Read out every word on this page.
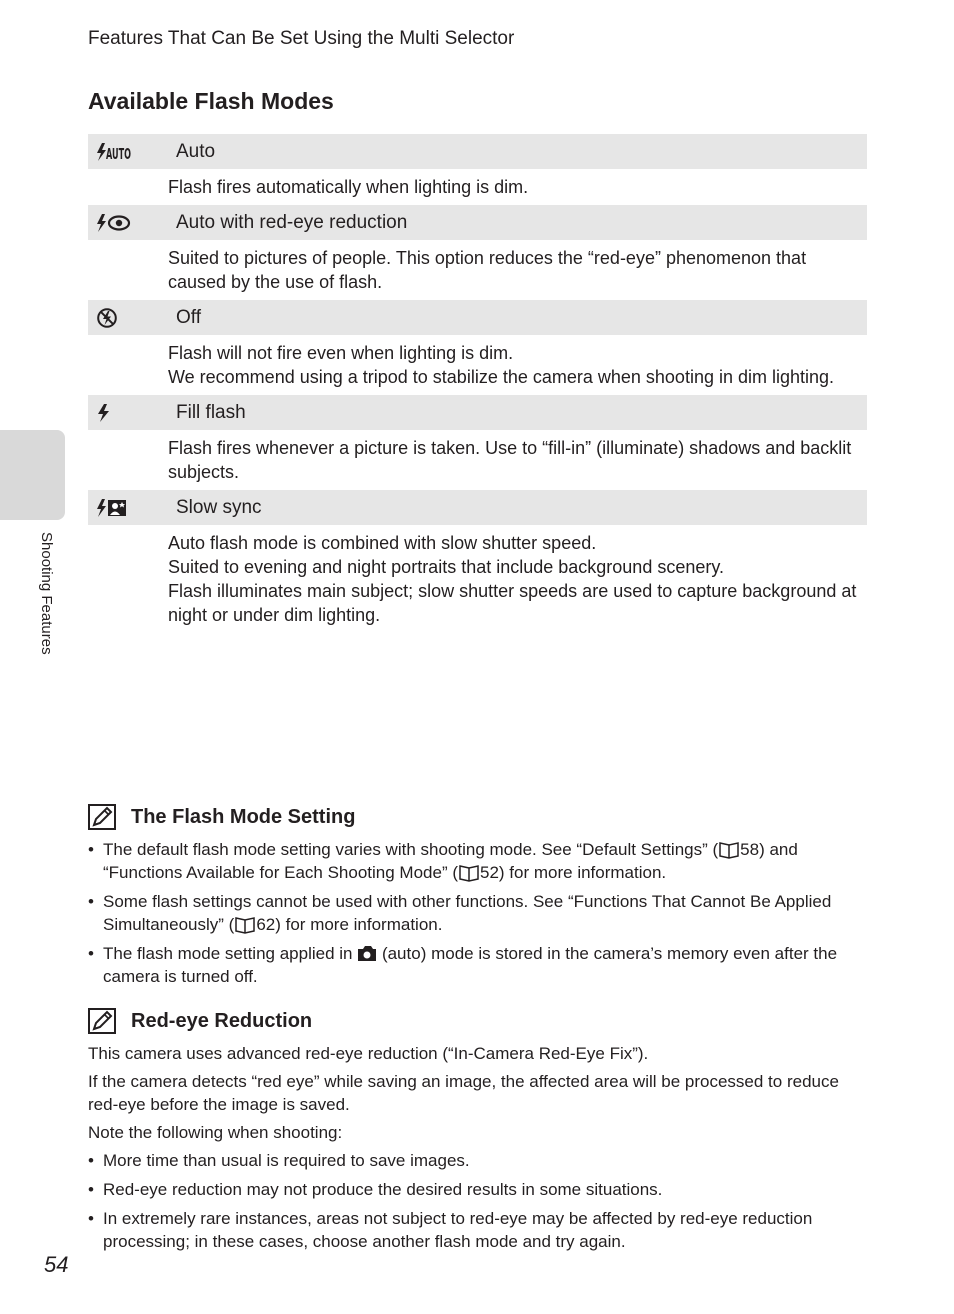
Features That Can Be Set Using the Multi Selector
Available Flash Modes
Shooting Features
AUTO Auto

Flash fires automatically when lighting is dim.

Auto with red-eye reduction

Suited to pictures of people. This option reduces the “red-eye” phenomenon that caused by the use of flash.

Off

Flash will not fire even when lighting is dim.

We recommend using a tripod to stabilize the camera when shooting in dim lighting.

Fill flash

Flash fires whenever a picture is taken. Use to “fill-in” (illuminate) shadows and backlit subjects.

Slow sync

Auto flash mode is combined with slow shutter speed.

Suited to evening and night portraits that include background scenery.

Flash illuminates main subject; slow shutter speeds are used to capture background at night or under dim lighting.

The Flash Mode Setting
• The default flash mode setting varies with shooting mode. See “Default Settings” ( 58) and “Functions Available for Each Shooting Mode” ( 52) for more information.
• Some flash settings cannot be used with other functions. See “Functions That Cannot Be Applied Simultaneously” ( 62) for more information.
• The flash mode setting applied in  (auto) mode is stored in the camera’s memory even after the camera is turned off.
Red-eye Reduction

This camera uses advanced red-eye reduction (“In-Camera Red-Eye Fix”).

If the camera detects “red eye” while saving an image, the affected area will be processed to reduce red-eye before the image is saved.

Note the following when shooting:

• More time than usual is required to save images.
• Red-eye reduction may not produce the desired results in some situations.
• In extremely rare instances, areas not subject to red-eye may be affected by red-eye reduction processing; in these cases, choose another flash mode and try again.
54
